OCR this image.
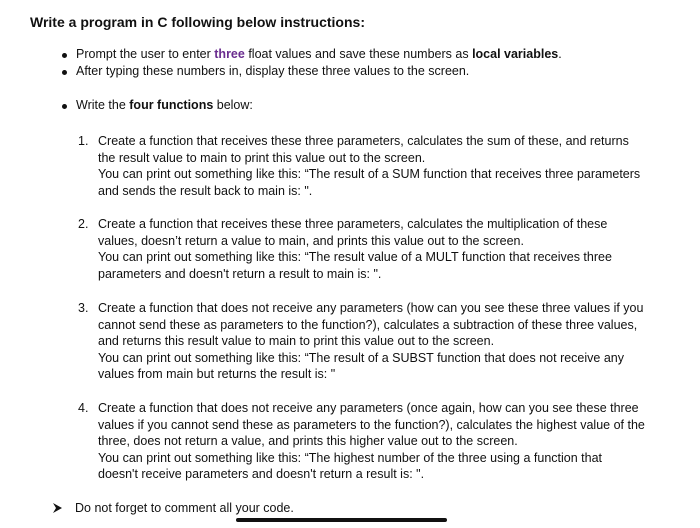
Write a program in C following below instructions:
Prompt the user to enter three float values and save these numbers as local variables.
After typing these numbers in, display these three values to the screen.
Write the four functions below:
1. Create a function that receives these three parameters, calculates the sum of these, and returns
the result value to main to print this value out to the screen.
You can print out something like this: “The result of a SUM function that receives three parameters
and sends the result back to main is: ".
2. Create a function that receives these three parameters, calculates the multiplication of these
values, doesn’t return a value to main, and prints this value out to the screen.
You can print out something like this: “The result value of a MULT function that receives three
parameters and doesn't return a result to main is: ".
3. Create a function that does not receive any parameters (how can you see these three values if you
cannot send these as parameters to the function?), calculates a subtraction of these three values,
and returns this result value to main to print this value out to the screen.
You can print out something like this: “The result of a SUBST function that does not receive any
values from main but returns the result is: "
4. Create a function that does not receive any parameters (once again, how can you see these three
values if you cannot send these as parameters to the function?), calculates the highest value of the
three, does not return a value, and prints this higher value out to the screen.
You can print out something like this: “The highest number of the three using a function that
doesn't receive parameters and doesn't return a result is: ".
Do not forget to comment all your code.
